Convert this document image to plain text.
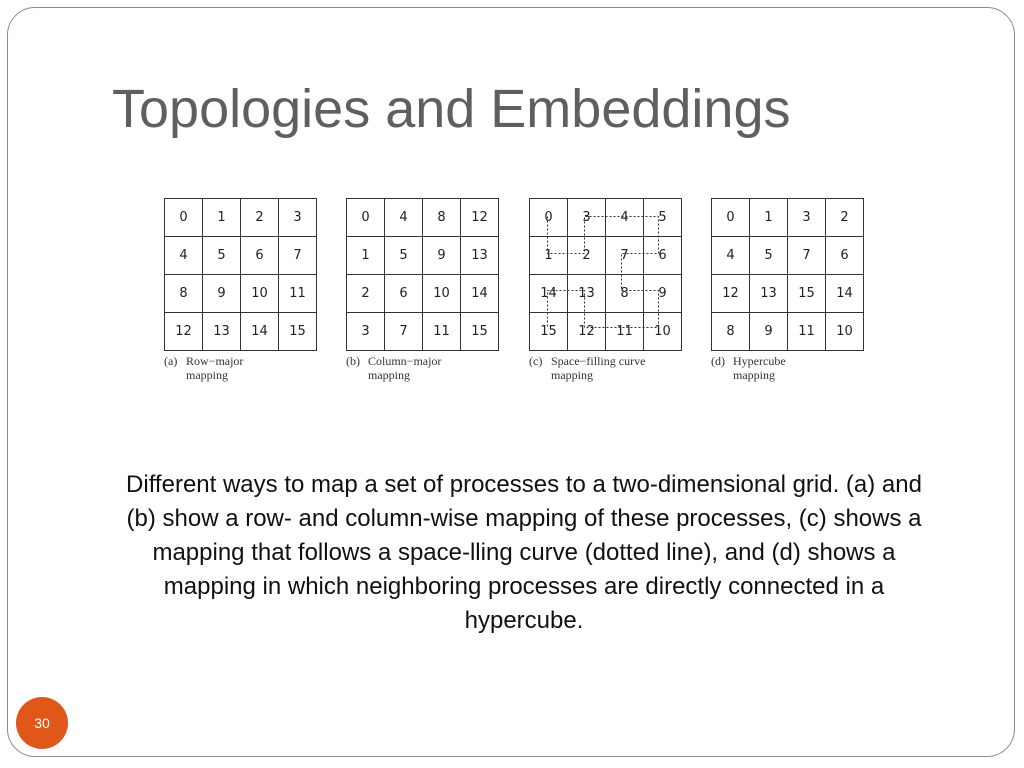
Topologies and Embeddings
0	1	2	3
4	5	6	7
8	9	10	11
12	13	14	15
(a) Row−major
mapping
0	4	8	12
1	5	9	13
2	6	10	14
3	7	11	15
(b) Column−major
mapping
0	3	4	5
1	2	7	6
14	13	8	9
15	12	11	10
(c) Space−filling curve
mapping
0	1	3	2
4	5	7	6
12	13	15	14
8	9	11	10
(d) Hypercube
mapping

Different ways to map a set of processes to a two-dimensional grid. (a) and (b) show a row- and column-wise mapping of these processes, (c) shows a mapping that follows a space-lling curve (dotted line), and (d) shows a mapping in which neighboring processes are directly connected in a hypercube.

30
